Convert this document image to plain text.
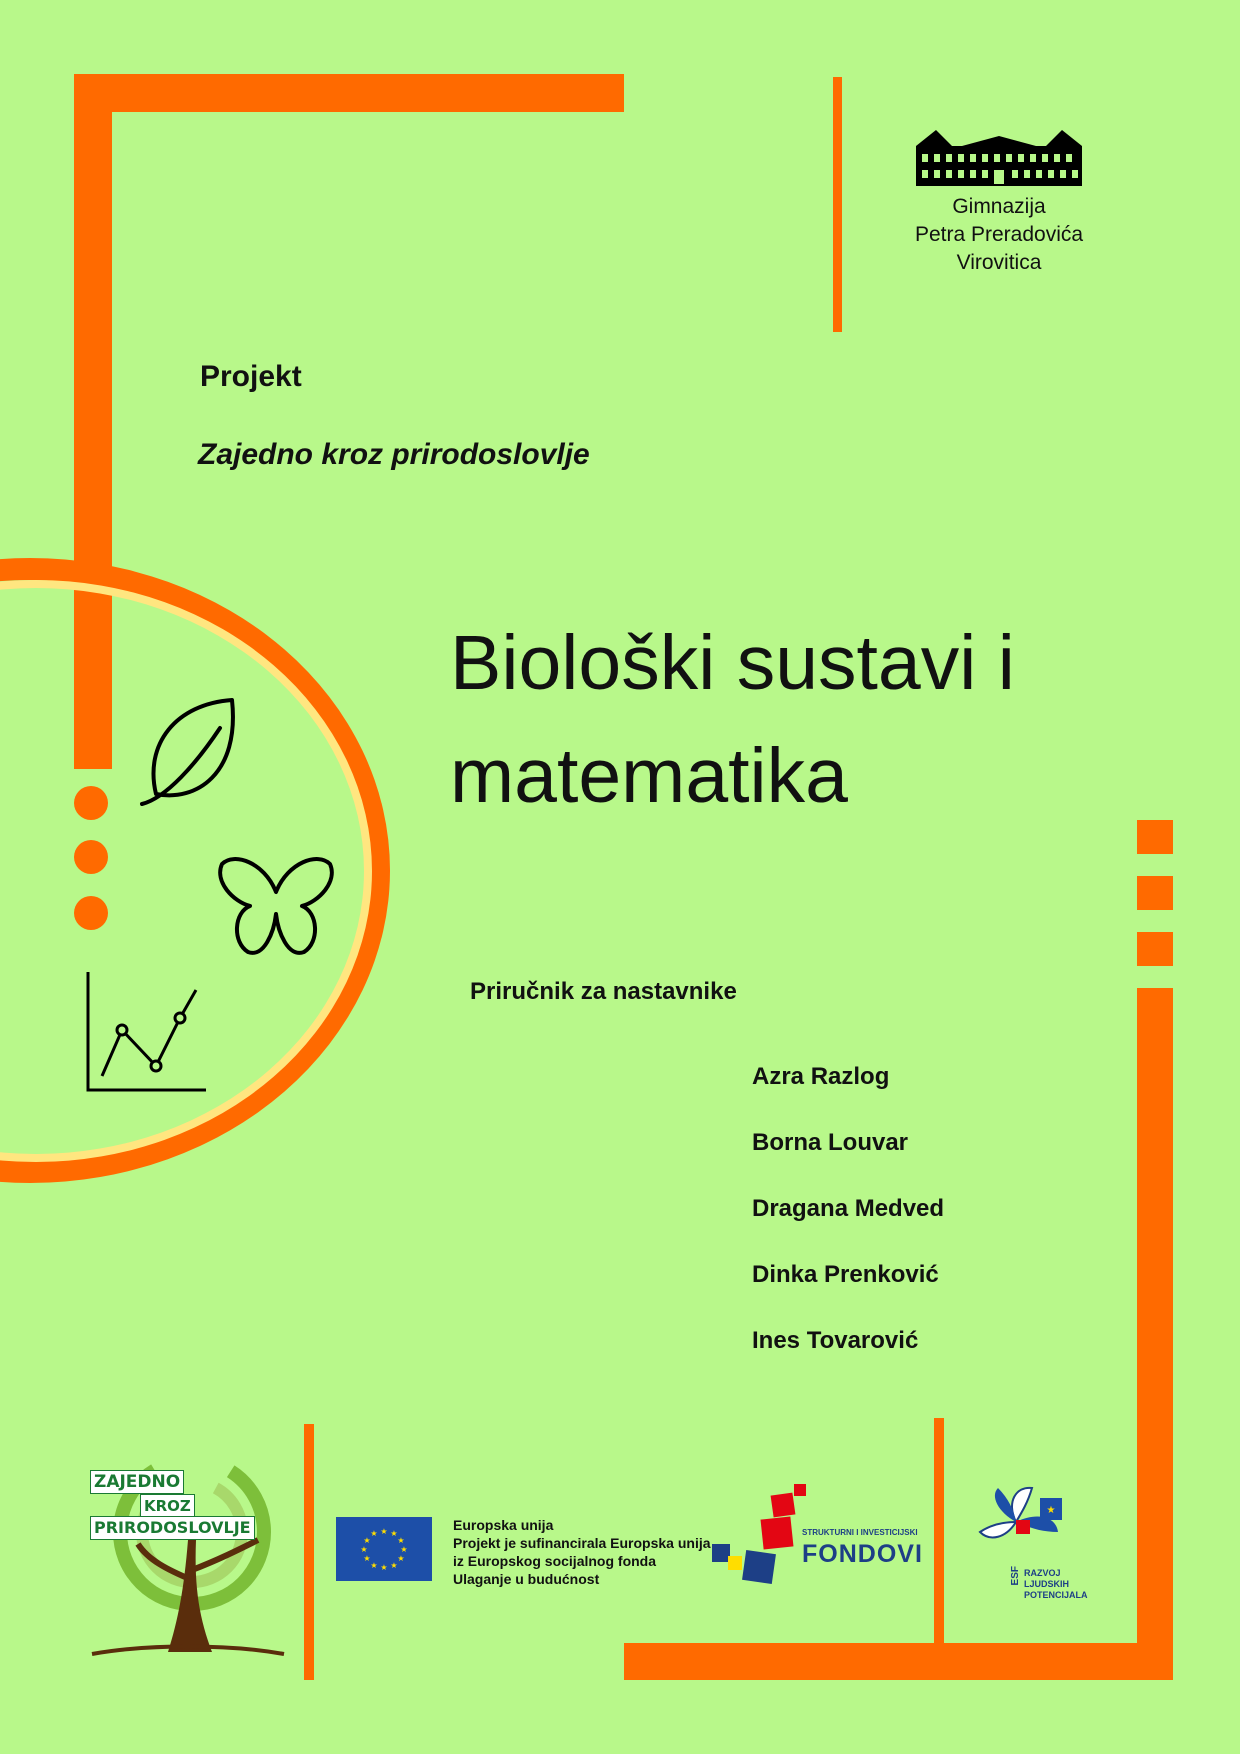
Gimnazija
Petra Preradovića
Virovitica
Projekt
Zajedno kroz prirodoslovlje
Biološki sustavi i
matematika
Priručnik za nastavnike
Azra Razlog
Borna Louvar
Dragana Medved
Dinka Prenković
Ines Tovarović
ZAJEDNO
KROZ
PRIRODOSLOVLJE	★ ★
★
★
★
★
★
★
★
★
★
★
Europska unija
Projekt je sufinancirala Europska unija
iz Europskog socijalnog fonda
Ulaganje u budućnost
STRUKTURNI I INVESTICIJSKI
FONDOVI
★
ESF RAZVOJ
LJUDSKIH
POTENCIJALA
